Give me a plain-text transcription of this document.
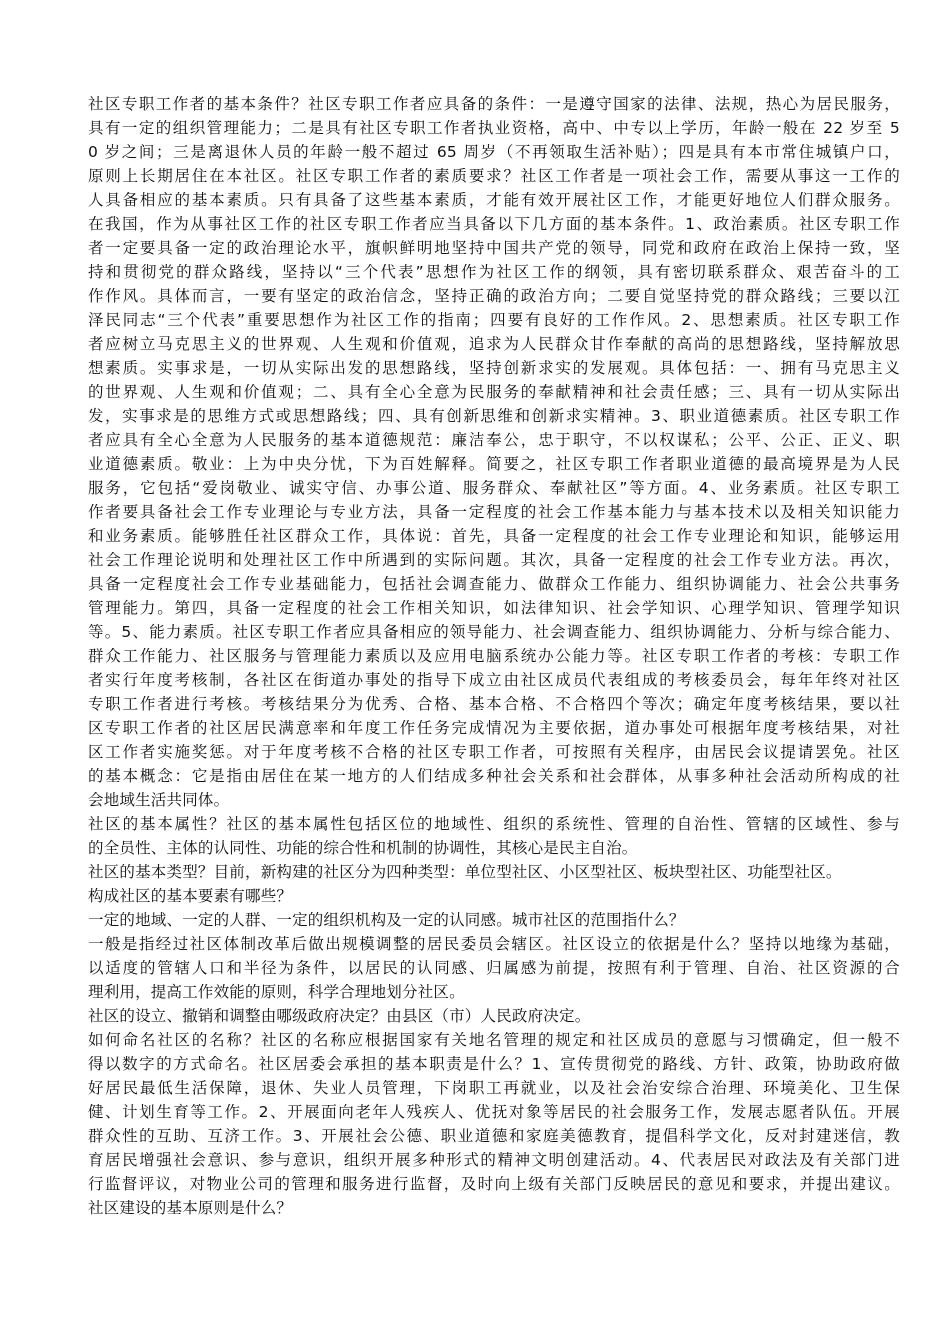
社区专职工作者的基本条件？社区专职工作者应具备的条件：一是遵守国家的法律、法规，热心为居民服务，
具有一定的组织管理能力；二是具有社区专职工作者执业资格，高中、中专以上学历，年龄一般在 22 岁至 5
0 岁之间；三是离退休人员的年龄一般不超过 65 周岁（不再领取生活补贴）；四是具有本市常住城镇户口，
原则上长期居住在本社区。社区专职工作者的素质要求？社区工作者是一项社会工作，需要从事这一工作的
人具备相应的基本素质。只有具备了这些基本素质，才能有效开展社区工作，才能更好地位人们群众服务。
在我国，作为从事社区工作的社区专职工作者应当具备以下几方面的基本条件。1、政治素质。社区专职工作
者一定要具备一定的政治理论水平，旗帜鲜明地坚持中国共产党的领导，同党和政府在政治上保持一致，坚
持和贯彻党的群众路线，坚持以“三个代表”思想作为社区工作的纲领，具有密切联系群众、艰苦奋斗的工
作作风。具体而言，一要有坚定的政治信念，坚持正确的政治方向；二要自觉坚持党的群众路线；三要以江
泽民同志“三个代表”重要思想作为社区工作的指南；四要有良好的工作作风。2、思想素质。社区专职工作
者应树立马克思主义的世界观、人生观和价值观，追求为人民群众甘作奉献的高尚的思想路线，坚持解放思
想素质。实事求是，一切从实际出发的思想路线，坚持创新求实的发展观。具体包括：一、拥有马克思主义
的世界观、人生观和价值观；二、具有全心全意为民服务的奉献精神和社会责任感；三、具有一切从实际出
发，实事求是的思维方式或思想路线；四、具有创新思维和创新求实精神。3、职业道德素质。社区专职工作
者应具有全心全意为人民服务的基本道德规范：廉洁奉公，忠于职守，不以权谋私；公平、公正、正义、职
业道德素质。敬业：上为中央分忧，下为百姓解释。简要之，社区专职工作者职业道德的最高境界是为人民
服务，它包括“爱岗敬业、诚实守信、办事公道、服务群众、奉献社区”等方面。4、业务素质。社区专职工
作者要具备社会工作专业理论与专业方法，具备一定程度的社会工作基本能力与基本技术以及相关知识能力
和业务素质。能够胜任社区群众工作，具体说：首先，具备一定程度的社会工作专业理论和知识，能够运用
社会工作理论说明和处理社区工作中所遇到的实际问题。其次，具备一定程度的社会工作专业方法。再次，
具备一定程度社会工作专业基础能力，包括社会调查能力、做群众工作能力、组织协调能力、社会公共事务
管理能力。第四，具备一定程度的社会工作相关知识，如法律知识、社会学知识、心理学知识、管理学知识
等。5、能力素质。社区专职工作者应具备相应的领导能力、社会调查能力、组织协调能力、分析与综合能力、
群众工作能力、社区服务与管理能力素质以及应用电脑系统办公能力等。社区专职工作者的考核：专职工作
者实行年度考核制，各社区在街道办事处的指导下成立由社区成员代表组成的考核委员会，每年年终对社区
专职工作者进行考核。考核结果分为优秀、合格、基本合格、不合格四个等次；确定年度考核结果，要以社
区专职工作者的社区居民满意率和年度工作任务完成情况为主要依据，道办事处可根据年度考核结果，对社
区工作者实施奖惩。对于年度考核不合格的社区专职工作者，可按照有关程序，由居民会议提请罢免。社区
的基本概念：它是指由居住在某一地方的人们结成多种社会关系和社会群体，从事多种社会活动所构成的社
会地域生活共同体。
社区的基本属性？社区的基本属性包括区位的地域性、组织的系统性、管理的自治性、管辖的区域性、参与
的全员性、主体的认同性、功能的综合性和机制的协调性，其核心是民主自治。
社区的基本类型？目前，新构建的社区分为四种类型：单位型社区、小区型社区、板块型社区、功能型社区。
构成社区的基本要素有哪些？
一定的地域、一定的人群、一定的组织机构及一定的认同感。城市社区的范围指什么？
一般是指经过社区体制改革后做出规模调整的居民委员会辖区。社区设立的依据是什么？坚持以地缘为基础，
以适度的管辖人口和半径为条件，以居民的认同感、归属感为前提，按照有利于管理、自治、社区资源的合
理利用，提高工作效能的原则，科学合理地划分社区。
社区的设立、撤销和调整由哪级政府决定？由县区（市）人民政府决定。
如何命名社区的名称？社区的名称应根据国家有关地名管理的规定和社区成员的意愿与习惯确定，但一般不
得以数字的方式命名。社区居委会承担的基本职责是什么？1、宣传贯彻党的路线、方针、政策，协助政府做
好居民最低生活保障，退休、失业人员管理，下岗职工再就业，以及社会治安综合治理、环境美化、卫生保
健、计划生育等工作。2、开展面向老年人残疾人、优抚对象等居民的社会服务工作，发展志愿者队伍。开展
群众性的互助、互济工作。3、开展社会公德、职业道德和家庭美德教育，提倡科学文化，反对封建迷信，教
育居民增强社会意识、参与意识，组织开展多种形式的精神文明创建活动。4、代表居民对政法及有关部门进
行监督评议，对物业公司的管理和服务进行监督，及时向上级有关部门反映居民的意见和要求，并提出建议。
社区建设的基本原则是什么？
